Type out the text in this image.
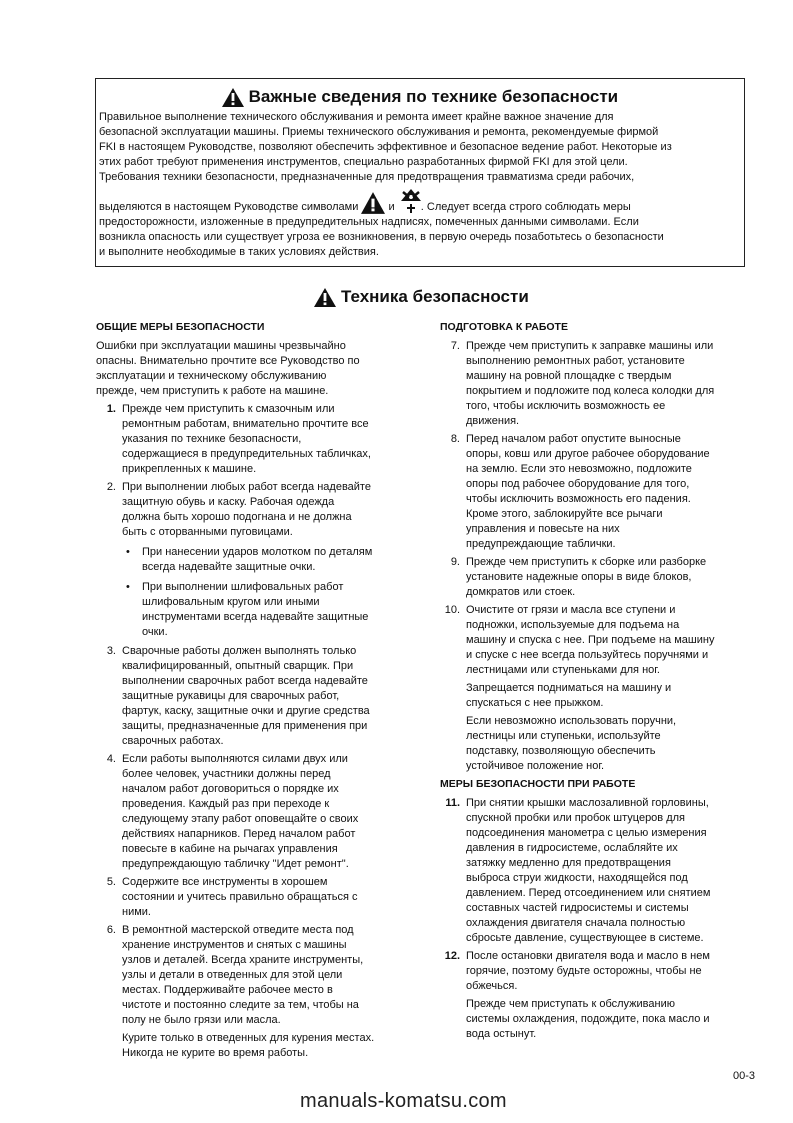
Важные сведения по технике безопасности
Правильное выполнение технического обслуживания и ремонта имеет крайне важное значение для
безопасной эксплуатации машины. Приемы технического обслуживания и ремонта, рекомендуемые фирмой
FKI в настоящем Руководстве, позволяют обеспечить эффективное и безопасное ведение работ. Некоторые из
этих работ требуют применения инструментов, специально разработанных фирмой FKI для этой цели.
Требования техники безопасности, предназначенные для предотвращения травматизма среди рабочих,
выделяются в настоящем Руководстве символами

	и
. Следует всегда строго соблюдать меры
предосторожности, изложенные в предупредительных надписях, помеченных данными символами. Если
возникла опасность или существует угроза ее возникновения, в первую очередь позаботьтесь о безопасности
и выполните необходимые в таких условиях действия.
Техника безопасности
ОБЩИЕ МЕРЫ БЕЗОПАСНОСТИ
Ошибки при эксплуатации машины чрезвычайно
опасны. Внимательно прочтите все Руководство по
эксплуатации и техническому обслуживанию
прежде, чем приступить к работе на машине.
1. Прежде чем приступить к смазочным или
ремонтным работам, внимательно прочтите все
указания по технике безопасности,
содержащиеся в предупредительных табличках,
прикрепленных к машине.
2. При выполнении любых работ всегда надевайте
защитную обувь и каску. Рабочая одежда
должна быть хорошо подогнана и не должна
быть с оторванными пуговицами.
• При нанесении ударов молотком по деталям
всегда надевайте защитные очки.
• При выполнении шлифовальных работ
шлифовальным кругом или иными
инструментами всегда надевайте защитные
очки.
3. Сварочные работы должен выполнять только
квалифицированный, опытный сварщик. При
выполнении сварочных работ всегда надевайте
защитные рукавицы для сварочных работ,
фартук, каску, защитные очки и другие средства
защиты, предназначенные для применения при
сварочных работах.
4. Если работы выполняются силами двух или
более человек, участники должны перед
началом работ договориться о порядке их
проведения. Каждый раз при переходе к
следующему этапу работ оповещайте о своих
действиях напарников. Перед началом работ
повесьте в кабине на рычагах управления
предупреждающую табличку "Идет ремонт".
5. Содержите все инструменты в хорошем
состоянии и учитесь правильно обращаться с
ними.
6. В ремонтной мастерской отведите места под
хранение инструментов и снятых с машины
узлов и деталей. Всегда храните инструменты,
узлы и детали в отведенных для этой цели
местах. Поддерживайте рабочее место в
чистоте и постоянно следите за тем, чтобы на
полу не было грязи или масла.
Курите только в отведенных для курения местах.
Никогда не курите во время работы.
ПОДГОТОВКА К РАБОТЕ
7. Прежде чем приступить к заправке машины или
выполнению ремонтных работ, установите
машину на ровной площадке с твердым
покрытием и подложите под колеса колодки для
того, чтобы исключить возможность ее
движения.
8. Перед началом работ опустите выносные
опоры, ковш или другое рабочее оборудование
на землю. Если это невозможно, подложите
опоры под рабочее оборудование для того,
чтобы исключить возможность его падения.
Кроме этого, заблокируйте все рычаги
управления и повесьте на них
предупреждающие таблички.
9. Прежде чем приступить к сборке или разборке
установите надежные опоры в виде блоков,
домкратов или стоек.
10. Очистите от грязи и масла все ступени и
подножки, используемые для подъема на
машину и спуска с нее. При подъеме на машину
и спуске с нее всегда пользуйтесь поручнями и
лестницами или ступеньками для ног.
Запрещается подниматься на машину и
спускаться с нее прыжком.
Если невозможно использовать поручни,
лестницы или ступеньки, используйте
подставку, позволяющую обеспечить
устойчивое положение ног.
МЕРЫ БЕЗОПАСНОСТИ ПРИ РАБОТЕ
11. При снятии крышки маслозаливной горловины,
спускной пробки или пробок штуцеров для
подсоединения манометра с целью измерения
давления в гидросистеме, ослабляйте их
затяжку медленно для предотвращения
выброса струи жидкости, находящейся под
давлением. Перед отсоединением или снятием
составных частей гидросистемы и системы
охлаждения двигателя сначала полностью
сбросьте давление, существующее в системе.
12. После остановки двигателя вода и масло в нем
горячие, поэтому будьте осторожны, чтобы не
обжечься.
Прежде чем приступать к обслуживанию
системы охлаждения, подождите, пока масло и
вода остынут.
00-3
manuals-komatsu.com
